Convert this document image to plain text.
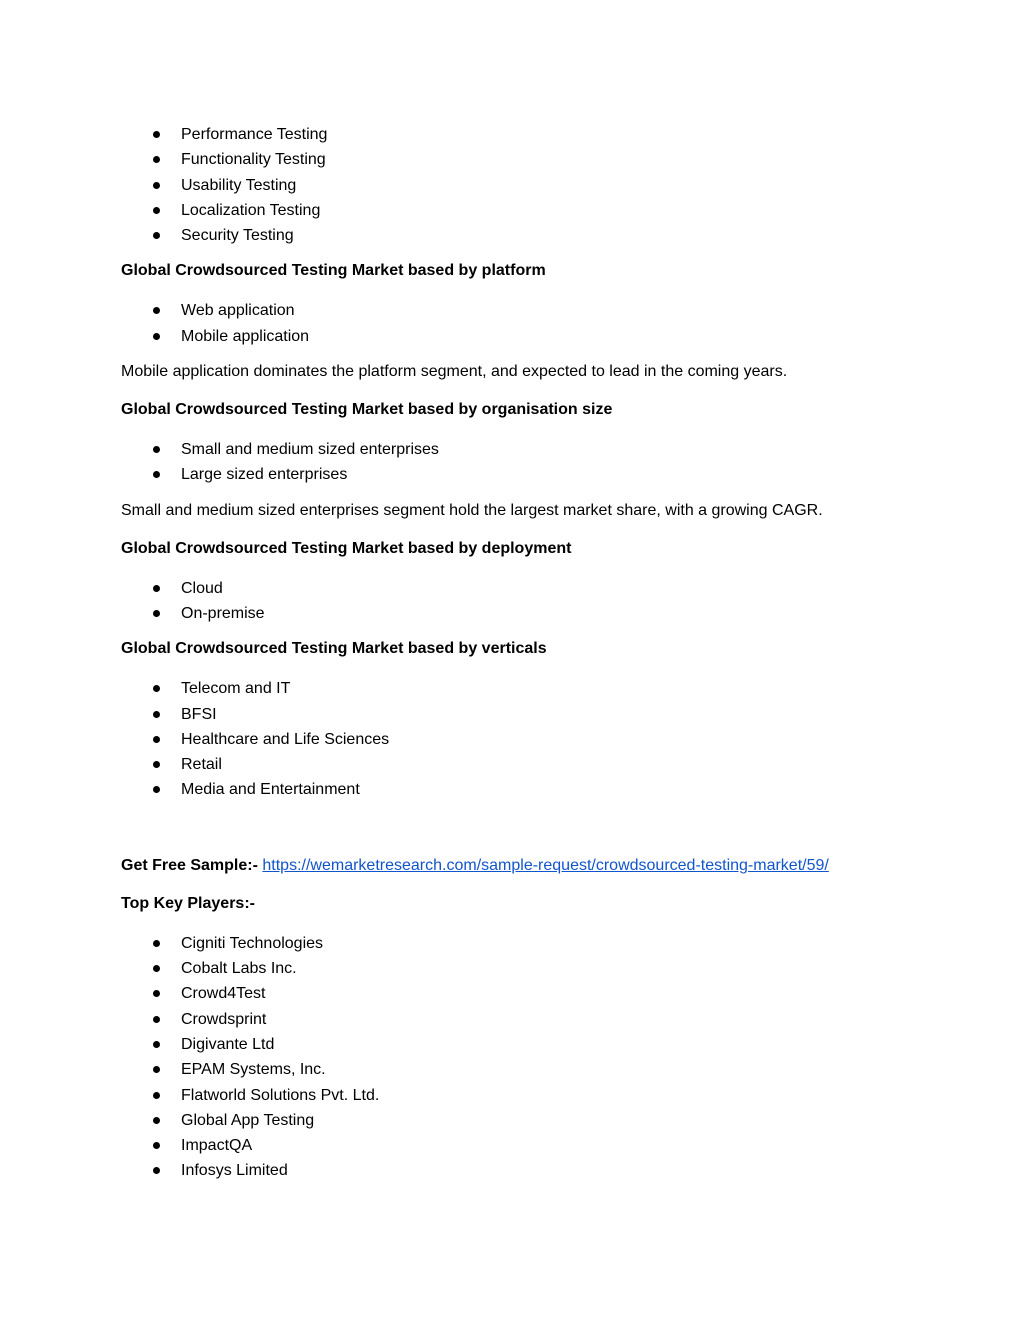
Performance Testing
Functionality Testing
Usability Testing
Localization Testing
Security Testing

Global Crowdsourced Testing Market based by platform

Web application
Mobile application

Mobile application dominates the platform segment, and expected to lead in the coming years.

Global Crowdsourced Testing Market based by organisation size

Small and medium sized enterprises
Large sized enterprises

Small and medium sized enterprises segment hold the largest market share, with a growing CAGR.

Global Crowdsourced Testing Market based by deployment

Cloud
On-premise

Global Crowdsourced Testing Market based by verticals

Telecom and IT
BFSI
Healthcare and Life Sciences
Retail
Media and Entertainment

Get Free Sample:- https://wemarketresearch.com/sample-request/crowdsourced-testing-market/59/

Top Key Players:-

Cigniti Technologies
Cobalt Labs Inc.
Crowd4Test
Crowdsprint
Digivante Ltd
EPAM Systems, Inc.
Flatworld Solutions Pvt. Ltd.
Global App Testing
ImpactQA
Infosys Limited
